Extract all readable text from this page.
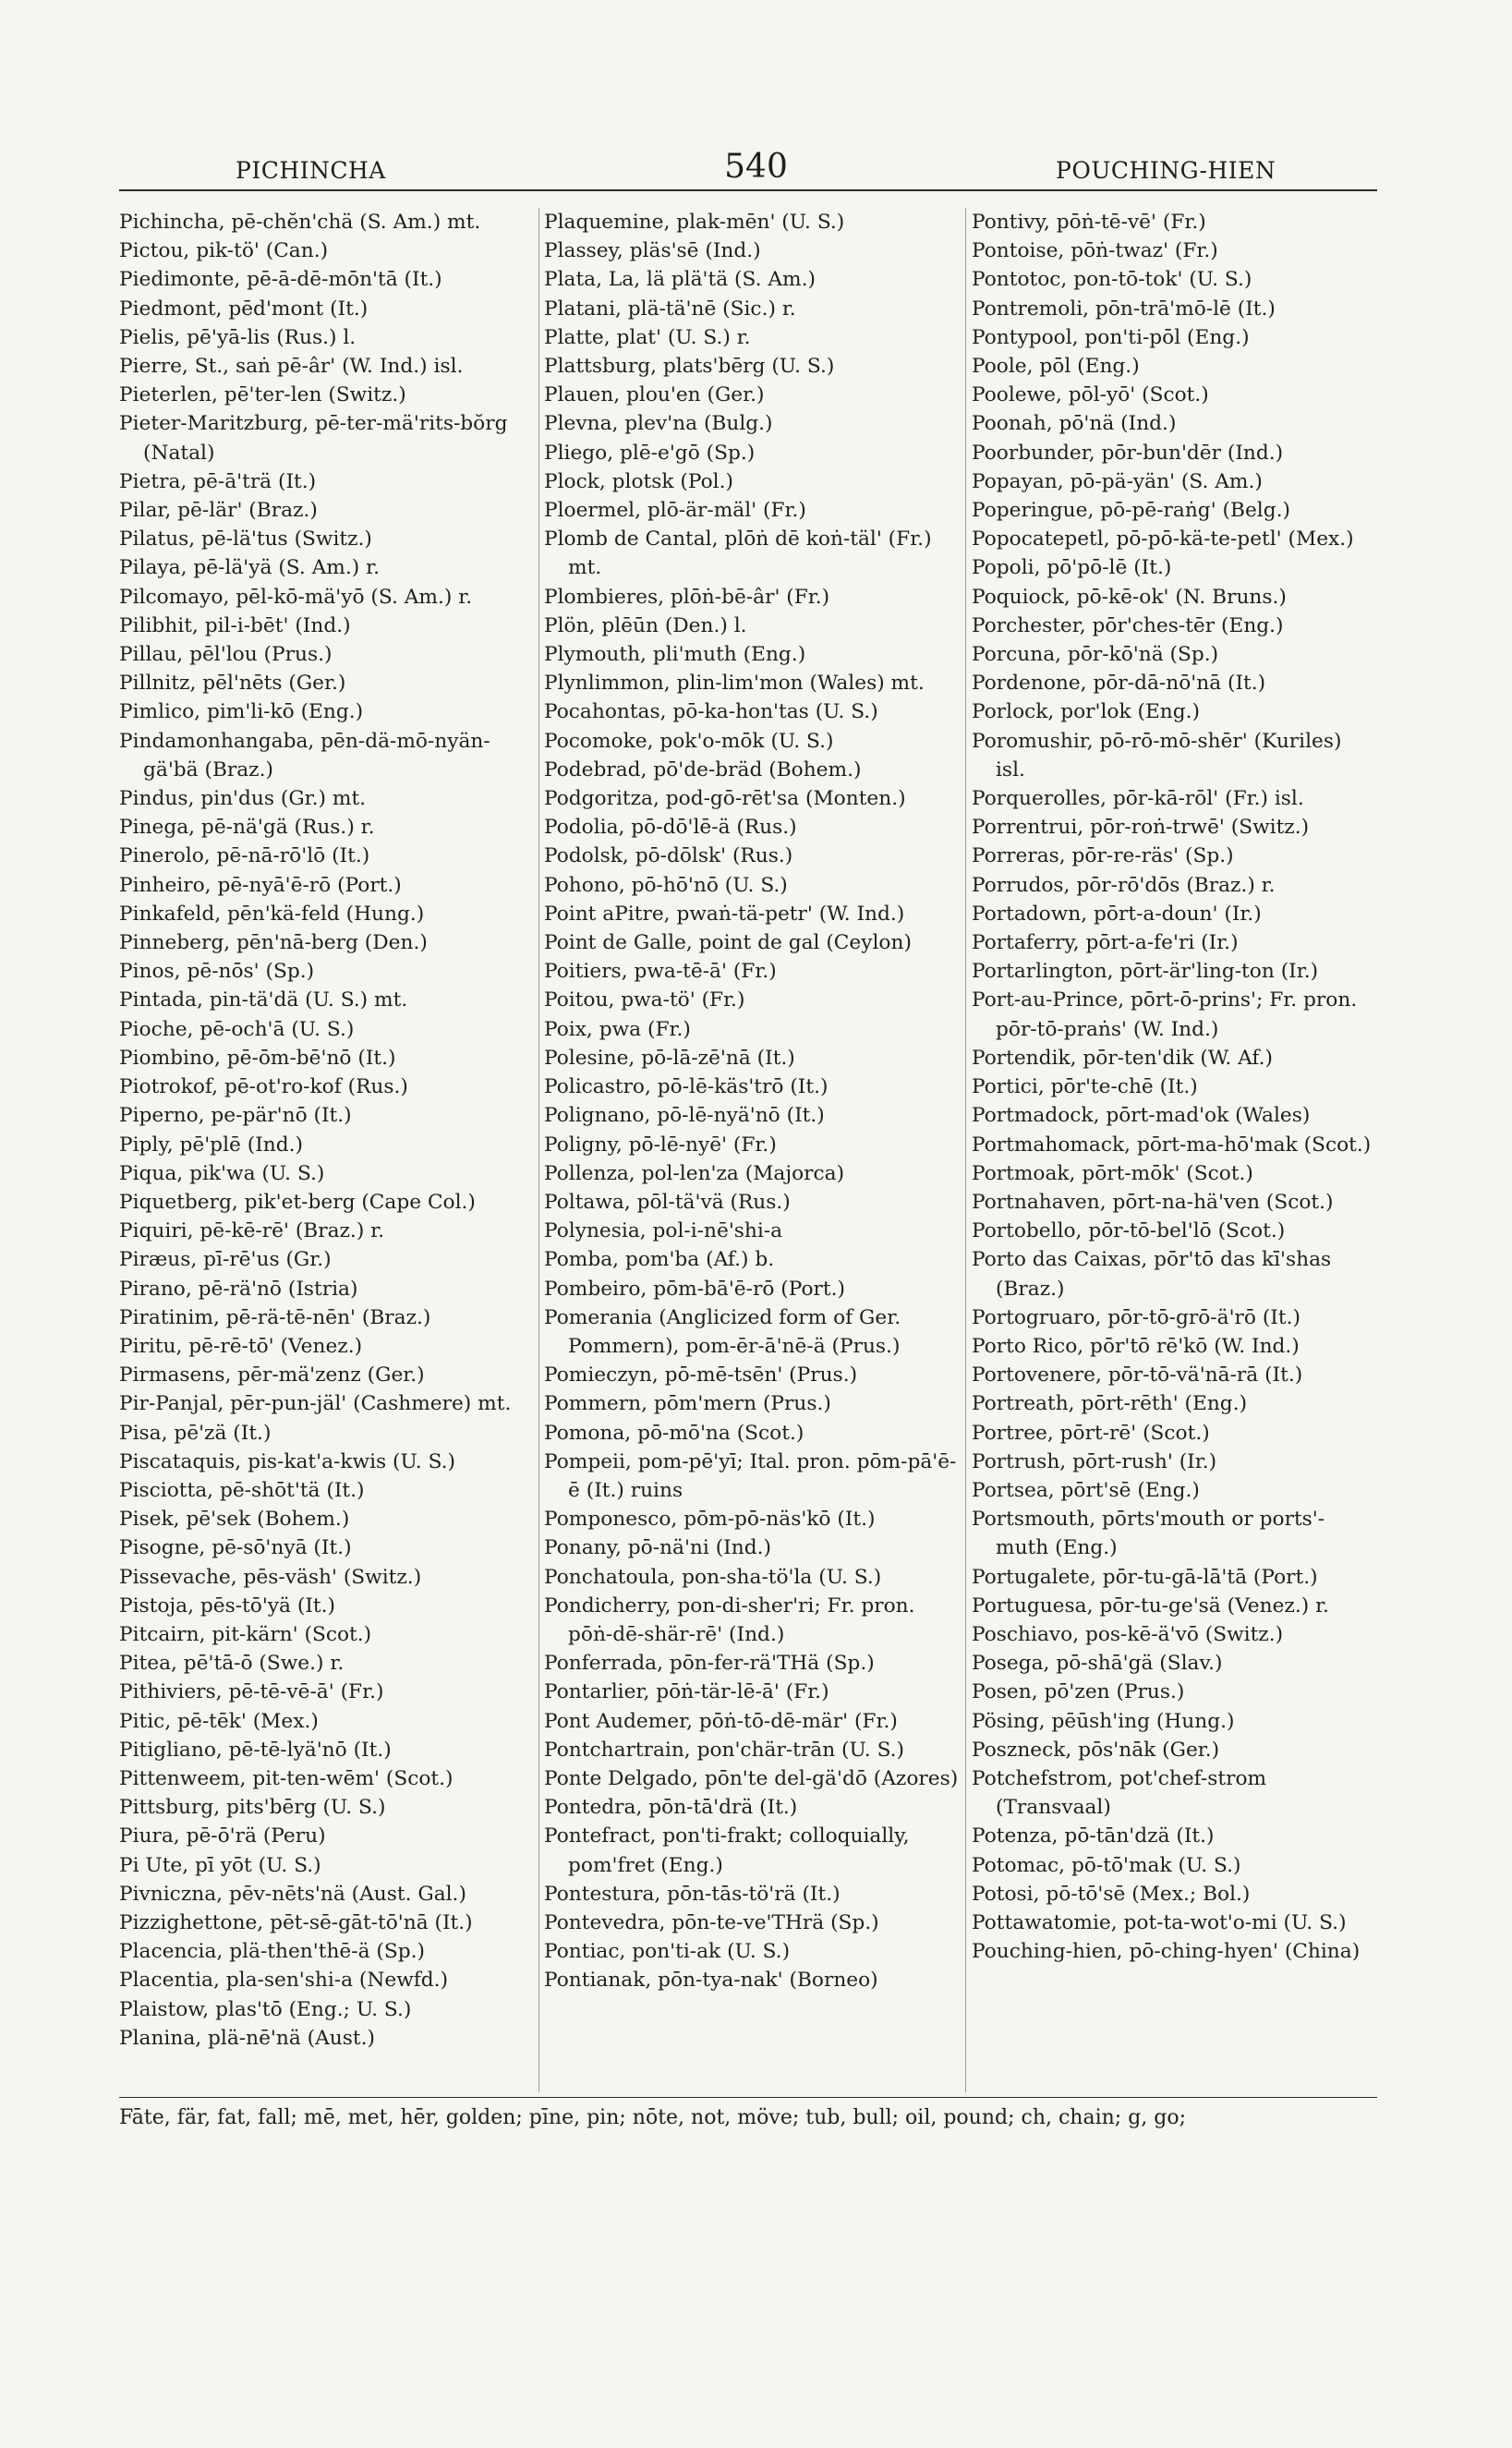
PICHINCHA	540	POUCHING-HIEN
Pichincha, pē-chĕn'chä (S. Am.) mt.
Pictou, pik-tö' (Can.)
Piedimonte, pē-ā-dē-mōn'tā (It.)
Piedmont, pēd'mont (It.)
Pielis, pē'yā-lis (Rus.) l.
Pierre, St., saṅ pē-âr' (W. Ind.) isl.
Pieterlen, pē'ter-len (Switz.)
Pieter-Maritzburg, pē-ter-mä'rits-bŏrg (Natal)
Pietra, pē-ā'trä (It.)
Pilar, pē-lär' (Braz.)
Pilatus, pē-lä'tus (Switz.)
Pilaya, pē-lä'yä (S. Am.) r.
Pilcomayo, pēl-kō-mä'yō (S. Am.) r.
Pilibhit, pil-i-bēt' (Ind.)
Pillau, pēl'lou (Prus.)
Pillnitz, pēl'nēts (Ger.)
Pimlico, pim'li-kō (Eng.)
Pindamonhangaba, pēn-dä-mō-nyän-gä'bä (Braz.)
Pindus, pin'dus (Gr.) mt.
Pinega, pē-nä'gä (Rus.) r.
Pinerolo, pē-nā-rō'lō (It.)
Pinheiro, pē-nyā'ē-rō (Port.)
Pinkafeld, pēn'kä-feld (Hung.)
Pinneberg, pēn'nā-berg (Den.)
Pinos, pē-nōs' (Sp.)
Pintada, pin-tä'dä (U. S.) mt.
Pioche, pē-och'ā (U. S.)
Piombino, pē-ōm-bē'nō (It.)
Piotrokof, pē-ot'ro-kof (Rus.)
Piperno, pe-pär'nō (It.)
Piply, pē'plē (Ind.)
Piqua, pik'wa (U. S.)
Piquetberg, pik'et-berg (Cape Col.)
Piquiri, pē-kē-rē' (Braz.) r.
Piræus, pī-rē'us (Gr.)
Pirano, pē-rä'nō (Istria)
Piratinim, pē-rä-tē-nēn' (Braz.)
Piritu, pē-rē-tō' (Venez.)
Pirmasens, pēr-mä'zenz (Ger.)
Pir-Panjal, pēr-pun-jäl' (Cashmere) mt.
Pisa, pē'zä (It.)
Piscataquis, pis-kat'a-kwis (U. S.)
Pisciotta, pē-shōt'tä (It.)
Pisek, pē'sek (Bohem.)
Pisogne, pē-sō'nyā (It.)
Pissevache, pēs-väsh' (Switz.)
Pistoja, pēs-tō'yä (It.)
Pitcairn, pit-kärn' (Scot.)
Pitea, pē'tā-ō (Swe.) r.
Pithiviers, pē-tē-vē-ā' (Fr.)
Pitic, pē-tēk' (Mex.)
Pitigliano, pē-tē-lyä'nō (It.)
Pittenweem, pit-ten-wēm' (Scot.)
Pittsburg, pits'bērg (U. S.)
Piura, pē-ō'rä (Peru)
Pi Ute, pī yōt (U. S.)
Pivniczna, pēv-nēts'nä (Aust. Gal.)
Pizzighettone, pēt-sē-gāt-tō'nā (It.)
Placencia, plä-then'thē-ä (Sp.)
Placentia, pla-sen'shi-a (Newfd.)
Plaistow, plas'tō (Eng.; U. S.)
Planina, plä-nē'nä (Aust.)
Plaquemine, plak-mēn' (U. S.)
Plassey, pläs'sē (Ind.)
Plata, La, lä plä'tä (S. Am.)
Platani, plä-tä'nē (Sic.) r.
Platte, plat' (U. S.) r.
Plattsburg, plats'bērg (U. S.)
Plauen, plou'en (Ger.)
Plevna, plev'na (Bulg.)
Pliego, plē-e'gō (Sp.)
Plock, plotsk (Pol.)
Ploermel, plō-är-mäl' (Fr.)
Plomb de Cantal, plōṅ dē koṅ-täl' (Fr.) mt.
Plombieres, plōṅ-bē-âr' (Fr.)
Plön, plēūn (Den.) l.
Plymouth, pli'muth (Eng.)
Plynlimmon, plin-lim'mon (Wales) mt.
Pocahontas, pō-ka-hon'tas (U. S.)
Pocomoke, pok'o-mōk (U. S.)
Podebrad, pō'de-bräd (Bohem.)
Podgoritza, pod-gō-rēt'sa (Monten.)
Podolia, pō-dō'lē-ä (Rus.)
Podolsk, pō-dōlsk' (Rus.)
Pohono, pō-hō'nō (U. S.)
Point aPitre, pwaṅ-tä-petr' (W. Ind.)
Point de Galle, point de gal (Ceylon)
Poitiers, pwa-tē-ā' (Fr.)
Poitou, pwa-tö' (Fr.)
Poix, pwa (Fr.)
Polesine, pō-lā-zē'nā (It.)
Policastro, pō-lē-käs'trō (It.)
Polignano, pō-lē-nyä'nō (It.)
Poligny, pō-lē-nyē' (Fr.)
Pollenza, pol-len'za (Majorca)
Poltawa, pōl-tä'vä (Rus.)
Polynesia, pol-i-nē'shi-a
Pomba, pom'ba (Af.) b.
Pombeiro, pōm-bā'ē-rō (Port.)
Pomerania (Anglicized form of Ger. Pommern), pom-ēr-ā'nē-ä (Prus.)
Pomieczyn, pō-mē-tsēn' (Prus.)
Pommern, pōm'mern (Prus.)
Pomona, pō-mō'na (Scot.)
Pompeii, pom-pē'yī; Ital. pron. pōm-pā'ē-ē (It.) ruins
Pomponesco, pōm-pō-näs'kō (It.)
Ponany, pō-nä'ni (Ind.)
Ponchatoula, pon-sha-tö'la (U. S.)
Pondicherry, pon-di-sher'ri; Fr. pron. pōṅ-dē-shär-rē' (Ind.)
Ponferrada, pōn-fer-rä'THä (Sp.)
Pontarlier, pōṅ-tär-lē-ā' (Fr.)
Pont Audemer, pōṅ-tō-dē-mär' (Fr.)
Pontchartrain, pon'chär-trān (U. S.)
Ponte Delgado, pōn'te del-gä'dō (Azores)
Pontedra, pōn-tā'drä (It.)
Pontefract, pon'ti-frakt; colloquially, pom'fret (Eng.)
Pontestura, pōn-tās-tö'rä (It.)
Pontevedra, pōn-te-ve'THrä (Sp.)
Pontiac, pon'ti-ak (U. S.)
Pontianak, pōn-tya-nak' (Borneo)
Pontivy, pōṅ-tē-vē' (Fr.)
Pontoise, pōṅ-twaz' (Fr.)
Pontotoc, pon-tō-tok' (U. S.)
Pontremoli, pōn-trā'mō-lē (It.)
Pontypool, pon'ti-pōl (Eng.)
Poole, pōl (Eng.)
Poolewe, pōl-yō' (Scot.)
Poonah, pō'nä (Ind.)
Poorbunder, pōr-bun'dēr (Ind.)
Popayan, pō-pä-yän' (S. Am.)
Poperingue, pō-pē-raṅg' (Belg.)
Popocatepetl, pō-pō-kä-te-petl' (Mex.)
Popoli, pō'pō-lē (It.)
Poquiock, pō-kē-ok' (N. Bruns.)
Porchester, pōr'ches-tēr (Eng.)
Porcuna, pōr-kō'nä (Sp.)
Pordenone, pōr-dā-nō'nā (It.)
Porlock, por'lok (Eng.)
Poromushir, pō-rō-mō-shēr' (Kuriles) isl.
Porquerolles, pōr-kā-rōl' (Fr.) isl.
Porrentrui, pōr-roṅ-trwē' (Switz.)
Porreras, pōr-re-räs' (Sp.)
Porrudos, pōr-rō'dōs (Braz.) r.
Portadown, pōrt-a-doun' (Ir.)
Portaferry, pōrt-a-fe'ri (Ir.)
Portarlington, pōrt-är'ling-ton (Ir.)
Port-au-Prince, pōrt-ō-prins'; Fr. pron. pōr-tō-praṅs' (W. Ind.)
Portendik, pōr-ten'dik (W. Af.)
Portici, pōr'te-chē (It.)
Portmadock, pōrt-mad'ok (Wales)
Portmahomack, pōrt-ma-hō'mak (Scot.)
Portmoak, pōrt-mōk' (Scot.)
Portnahaven, pōrt-na-hä'ven (Scot.)
Portobello, pōr-tō-bel'lō (Scot.)
Porto das Caixas, pōr'tō das kī'shas (Braz.)
Portogruaro, pōr-tō-grō-ä'rō (It.)
Porto Rico, pōr'tō rē'kō (W. Ind.)
Portovenere, pōr-tō-vä'nā-rā (It.)
Portreath, pōrt-rēth' (Eng.)
Portree, pōrt-rē' (Scot.)
Portrush, pōrt-rush' (Ir.)
Portsea, pōrt'sē (Eng.)
Portsmouth, pōrts'mouth or ports'-muth (Eng.)
Portugalete, pōr-tu-gā-lā'tā (Port.)
Portuguesa, pōr-tu-ge'sä (Venez.) r.
Poschiavo, pos-kē-ä'vō (Switz.)
Posega, pō-shā'gä (Slav.)
Posen, pō'zen (Prus.)
Pösing, pēūsh'ing (Hung.)
Poszneck, pōs'nāk (Ger.)
Potchefstrom, pot'chef-strom (Transvaal)
Potenza, pō-tān'dzä (It.)
Potomac, pō-tō'mak (U. S.)
Potosi, pō-tō'sē (Mex.; Bol.)
Pottawatomie, pot-ta-wot'o-mi (U. S.)
Pouching-hien, pō-ching-hyen' (China)
Fāte, fär, fat, fall; mē, met, hēr, golden; pīne, pin; nōte, not, möve; tub, bull; oil, pound; ch, chain; g, go;
